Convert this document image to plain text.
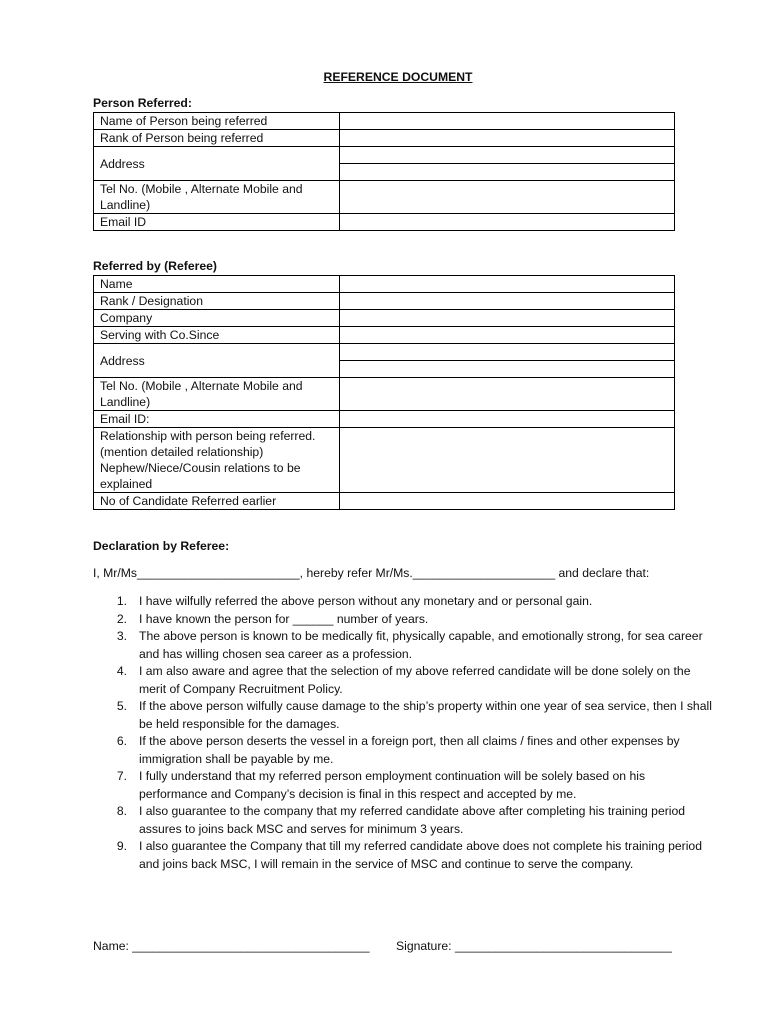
REFERENCE DOCUMENT
Person Referred:
Name of Person being referred	
Rank of Person being referred	
Address	

Tel No. (Mobile , Alternate Mobile and Landline)	
Email ID	
Referred by (Referee)
Name	
Rank / Designation	
Company	
Serving with Co.Since	
Address	

Tel No. (Mobile , Alternate Mobile and Landline)	
Email ID:	
Relationship with person being referred. (mention detailed relationship) Nephew/Niece/Cousin relations to be explained	
No of Candidate Referred earlier	
Declaration by Referee:
I, Mr/Ms________________________, hereby refer Mr/Ms._____________________ and declare that:
1. I have wilfully referred the above person without any monetary and or personal gain.
2. I have known the person for ______ number of years.
3. The above person is known to be medically fit, physically capable, and emotionally strong, for sea career and has willing chosen sea career as a profession.
4. I am also aware and agree that the selection of my above referred candidate will be done solely on the merit of Company Recruitment Policy.
5. If the above person wilfully cause damage to the ship’s property within one year of sea service, then I shall be held responsible for the damages.
6. If the above person deserts the vessel in a foreign port, then all claims / fines and other expenses by immigration shall be payable by me.
7. I fully understand that my referred person employment continuation will be solely based on his performance and Company’s decision is final in this respect and accepted by me.
8. I also guarantee to the company that my referred candidate above after completing his training period assures to joins back MSC and serves for minimum 3 years.
9. I also guarantee the Company that till my referred candidate above does not complete his training period and joins back MSC, I will remain in the service of MSC and continue to serve the company.
Name: ___________________________________ Signature: ________________________________
